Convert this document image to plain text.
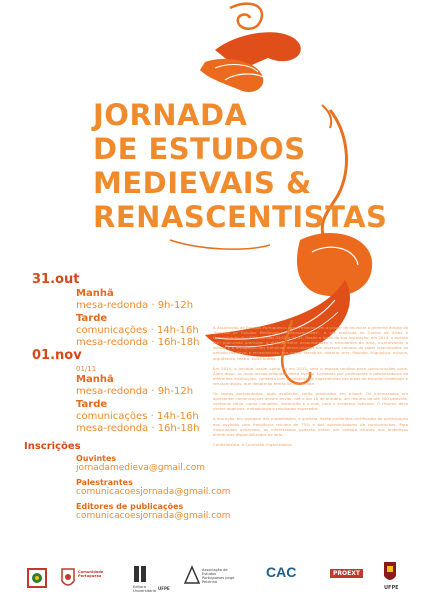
JORNADA
DE ESTUDOS
MEDIEVAIS &
RENASCENTISTAS
31.out
Manhã
mesa-redonda · 9h-12h
Tarde
comunicações · 14h-16h
mesa-redonda · 16h-18h
01.nov
01/11
Manhã
mesa-redonda · 9h-12h
Tarde
comunicações · 14h-16h
mesa-redonda · 16h-18h
Inscrições
Ouvintes
jornadamedieva@gmail.com
Palestrantes
comunicacoesjornada@gmail.com
Editores de publicações
comunicacoesjornada@gmail.com

A Associação de Estudos Portugueses Jorge Peixinho tem o prazer de anunciar a primeira edição da “Jornada de Estudos Medievais e Renascentistas”, a ser realizada no Centro de Artes e Comunicação da UFPE nos dias 31/10 e 01/11. Desde o início da sua instalação, em 2014, o evento tem procurado promover o diálogo entre pesquisadores e estudantes da área, incentivando o estudo e a divulgação dos trabalhos desenvolvidos em diversos campos do saber relacionados ao período medieval e renascentista, tais como: literatura, história, arte, filosofia, linguística, música, arquitetura, teatro, entre outros.

Em 2014, a jornada, assim como foi em 2013, será o espaço tendido para comunicações orais. Além disso, as duas mesas-redondas deste evento, formadas por professores e pesquisadores de diferentes instituições, contarão com a presença de especialistas nas áreas de estudos medievais e renascentistas, que debaterão temas da atualidade.

Os textos apresentados, após avaliação, serão publicados em e-book. Os interessados em apresentar comunicações devem enviar, até o dia 10 de outubro, um resumo de até 300 palavras, contendo título, nome completo, instituição e e-mail, para o endereço indicado. O resumo deve conter objetivos, metodologia e resultados esperados.

A inscrição, em qualquer das modalidades, é gratuita. Serão conferidos certificados de participação aos ouvintes com frequência mínima de 75% e aos apresentadores de comunicações. Para informações adicionais, os interessados poderão entrar em contato através dos endereços eletrônicos disponibilizados ao lado.

Cordialmente, a Comissão Organizadora.

Comunidade Portuguesa
Editora Universitária UFPE
Associação de Estudos Portugueses Jorge Peixinho
CAC	PROEXT
UFPE
